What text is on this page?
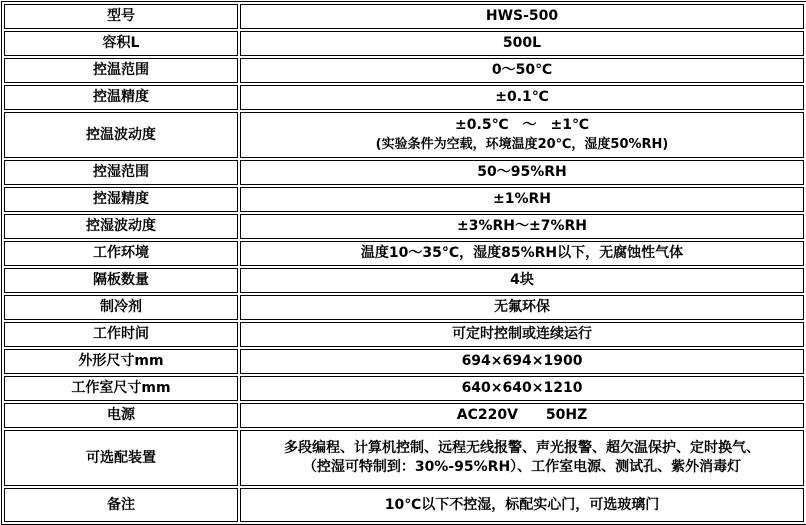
型号	HWS-500
容积L	500L
控温范围	0～50℃
控温精度	±0.1℃
控温波动度	±0.5℃　～　±1℃
(实验条件为空载，环境温度20℃，湿度50%RH)

控湿范围	50～95%RH
控湿精度	±1%RH
控湿波动度	±3%RH～±7%RH
工作环境	温度10～35°C，湿度85%RH以下，无腐蚀性气体
隔板数量	4块
制冷剂	无氟环保
工作时间	可定时控制或连续运行
外形尺寸mm	694×694×1900
工作室尺寸mm	640×640×1210
电源	AC220V　　50HZ
可选配装置	多段编程、计算机控制、远程无线报警、声光报警、超欠温保护、定时换气、
（控湿可特制到：30%-95%RH）、工作室电源、测试孔、紫外消毒灯

备注	10℃以下不控湿，标配实心门，可选玻璃门
